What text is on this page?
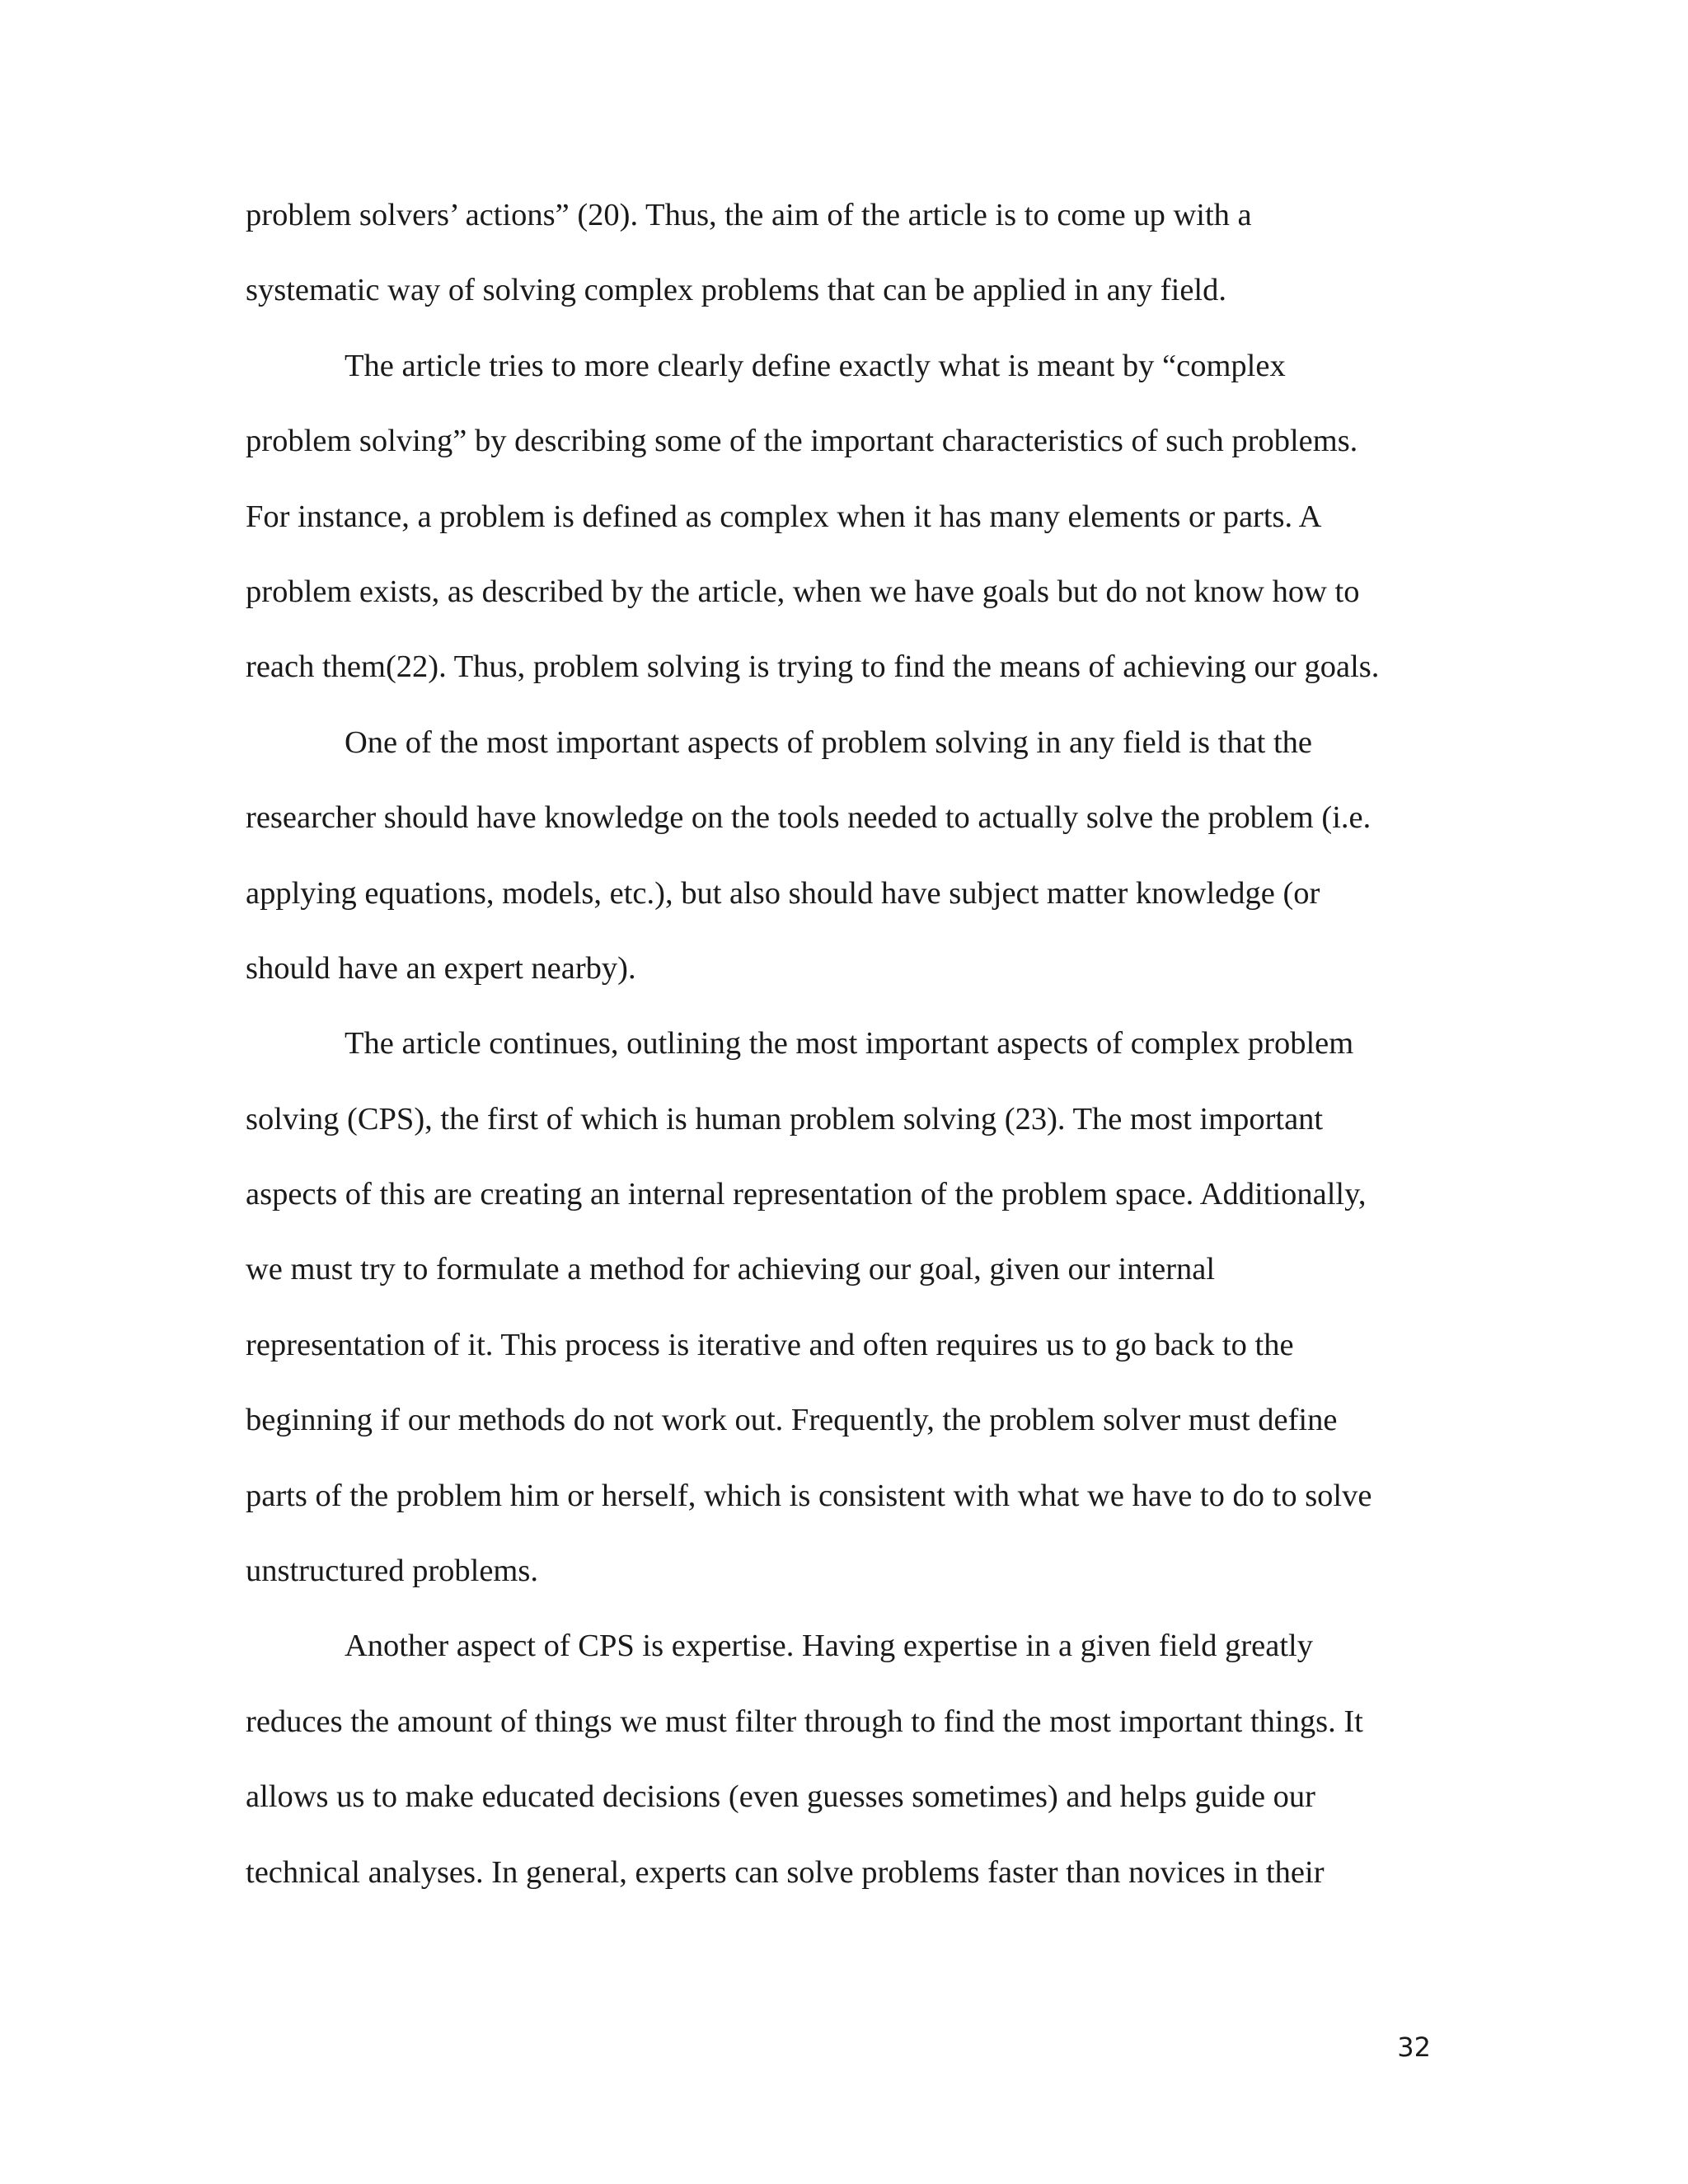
problem solvers’ actions” (20). Thus, the aim of the article is to come up with a
systematic way of solving complex problems that can be applied in any field.
The article tries to more clearly define exactly what is meant by “complex
problem solving” by describing some of the important characteristics of such problems.
For instance, a problem is defined as complex when it has many elements or parts. A
problem exists, as described by the article, when we have goals but do not know how to
reach them(22). Thus, problem solving is trying to find the means of achieving our goals.
One of the most important aspects of problem solving in any field is that the
researcher should have knowledge on the tools needed to actually solve the problem (i.e.
applying equations, models, etc.), but also should have subject matter knowledge (or
should have an expert nearby).
The article continues, outlining the most important aspects of complex problem
solving (CPS), the first of which is human problem solving (23). The most important
aspects of this are creating an internal representation of the problem space. Additionally,
we must try to formulate a method for achieving our goal, given our internal
representation of it. This process is iterative and often requires us to go back to the
beginning if our methods do not work out. Frequently, the problem solver must define
parts of the problem him or herself, which is consistent with what we have to do to solve
unstructured problems.
Another aspect of CPS is expertise. Having expertise in a given field greatly
reduces the amount of things we must filter through to find the most important things. It
allows us to make educated decisions (even guesses sometimes) and helps guide our
technical analyses. In general, experts can solve problems faster than novices in their
32
